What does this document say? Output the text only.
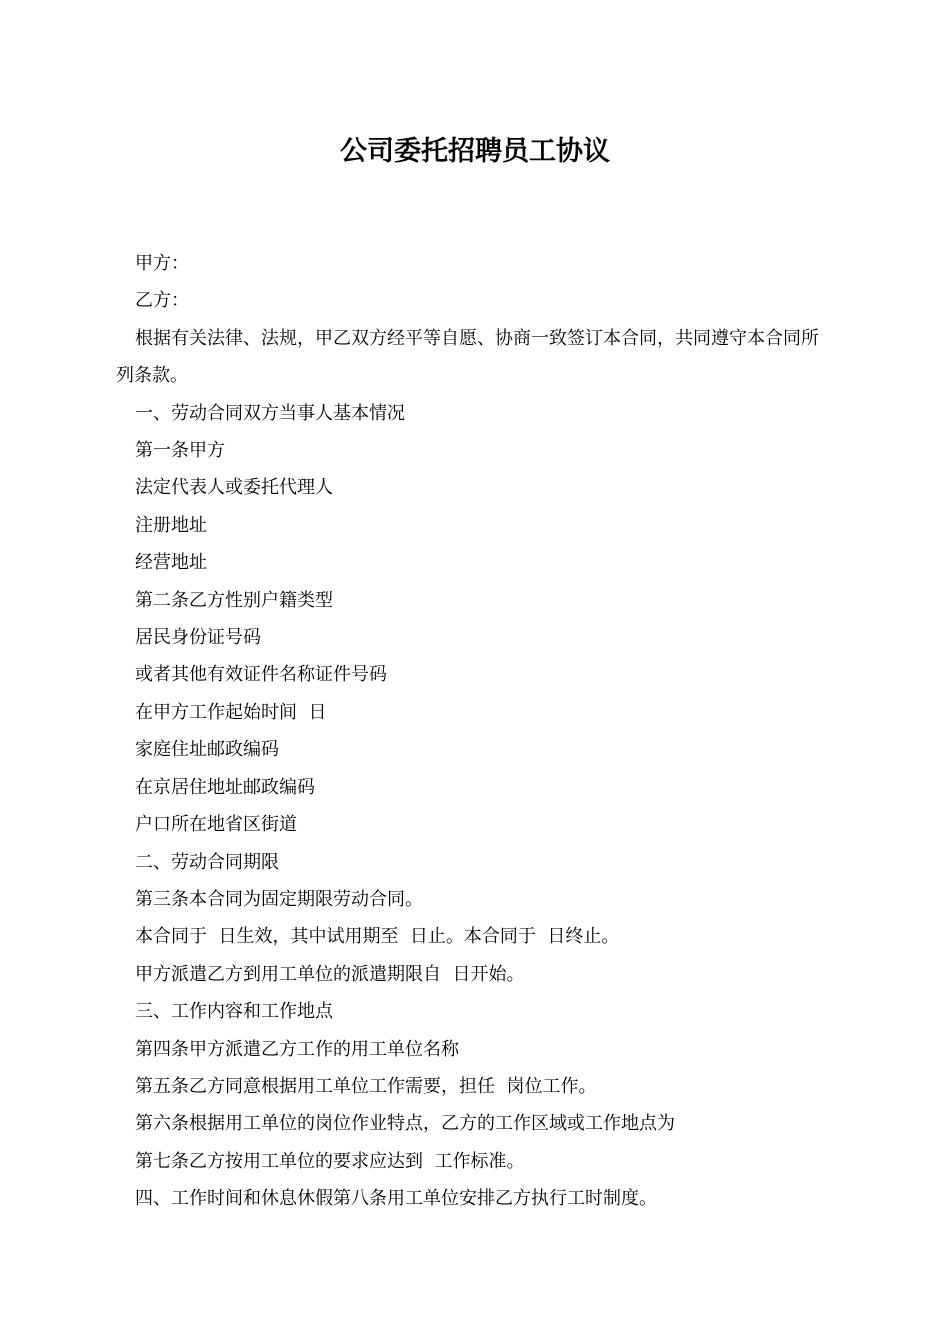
公司委托招聘员工协议

甲方：

乙方：

根据有关法律、法规，甲乙双方经平等自愿、协商一致签订本合同，共同遵守本合同所列条款。

一、劳动合同双方当事人基本情况

第一条甲方

法定代表人或委托代理人

注册地址

经营地址

第二条乙方性别户籍类型

居民身份证号码

或者其他有效证件名称证件号码

在甲方工作起始时间  日

家庭住址邮政编码

在京居住地址邮政编码

户口所在地省区街道

二、劳动合同期限

第三条本合同为固定期限劳动合同。

本合同于  日生效，其中试用期至  日止。本合同于  日终止。

甲方派遣乙方到用工单位的派遣期限自  日开始。

三、工作内容和工作地点

第四条甲方派遣乙方工作的用工单位名称

第五条乙方同意根据用工单位工作需要，担任  岗位工作。

第六条根据用工单位的岗位作业特点，乙方的工作区域或工作地点为

第七条乙方按用工单位的要求应达到  工作标准。

四、工作时间和休息休假第八条用工单位安排乙方执行工时制度。
